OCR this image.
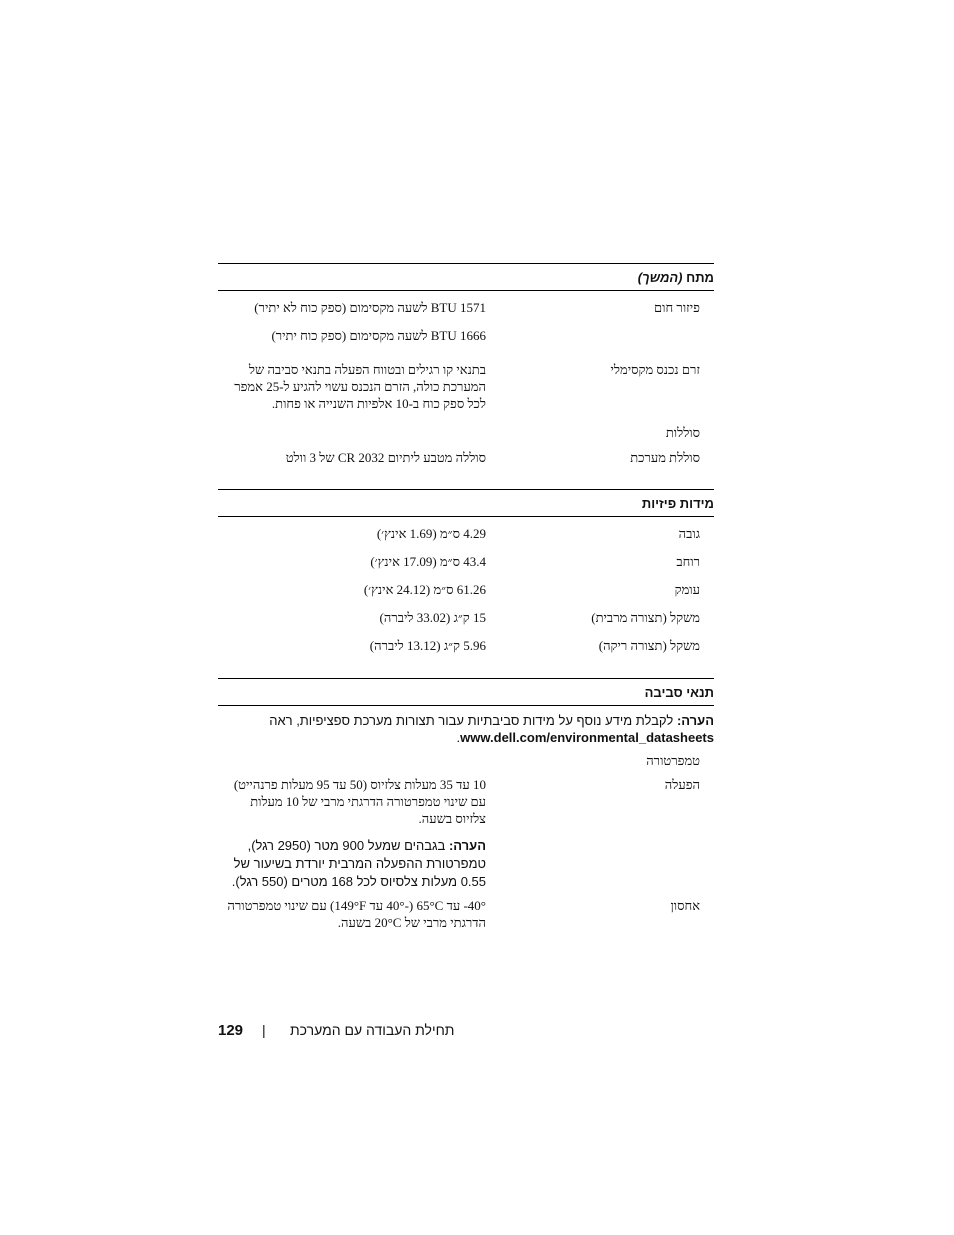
מתח (המשך)
פיזור חום

1571 BTU לשעה מקסימום (ספק כוח לא יתיר)

1666 BTU לשעה מקסימום (ספק כוח יתיר)

זרם נכנס מקסימלי
בתנאי קו רגילים ובטווח הפעלה בתנאי סביבה של המערכת כולה, הזרם הנכנס עשוי להגיע ל-25 אמפר לכל ספק כוח ב-10 אלפיות השנייה או פחות.
סוללות
סוללת מערכת
סוללה מטבע ליתיום CR 2032 של 3 וולט
מידות פיזיות
גובה
4.29 ס״מ (1.69 אינץ׳)
רוחב
43.4 ס״מ (17.09 אינץ׳)
עומק
61.26 ס״מ (24.12 אינץ׳)
משקל (תצורה מרבית)
15 ק״ג (33.02 ליברה)
משקל (תצורה ריקה)
5.96 ק״ג (13.12 ליברה)
תנאי סביבה
הערה: לקבלת מידע נוסף על מידות סביבתיות עבור תצורות מערכת ספציפיות, ראה
www.dell.com/environmental_datasheets.
טמפרטורה
הפעלה

10 עד 35 מעלות צלזיוס (50 עד 95 מעלות פרנהייט) עם שינוי טמפרטורה הדרגתי מרבי של 10 מעלות צלזיוס בשעה.

הערה: בגבהים שמעל 900 מטר (2950 רגל), טמפרטורת ההפעלה המרבית יורדת בשיעור של 0.55 מעלות צלסיוס לכל 168 מטרים (550 רגל).

אחסון
‎-40°‎ עד ‎65°C (-40°‎ עד ‎149°F)‎ עם שינוי טמפרטורה הדרגתי מרבי של ‎20°C‎ בשעה.
129 | תחילת העבודה עם המערכת
